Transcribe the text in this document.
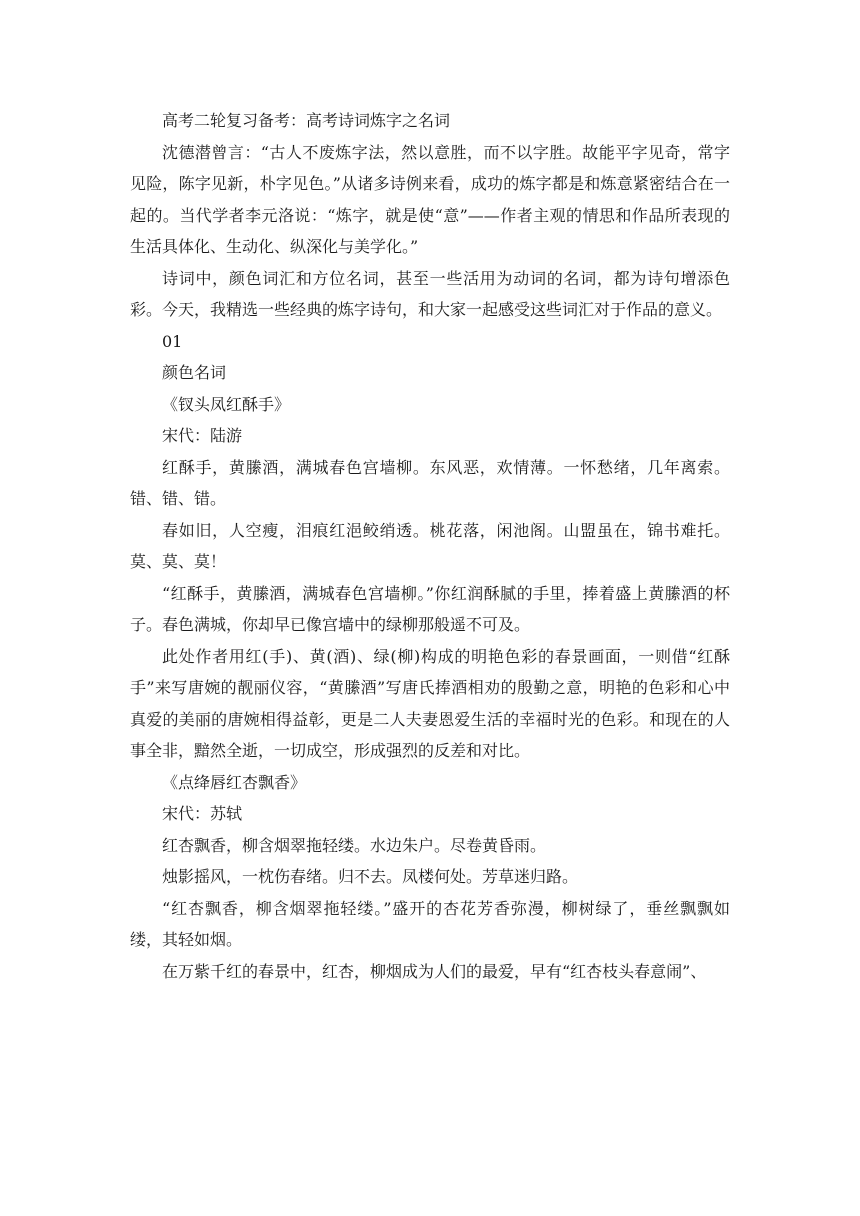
高考二轮复习备考：高考诗词炼字之名词

沈德潜曾言：“古人不废炼字法，然以意胜，而不以字胜。故能平字见奇，常字见险，陈字见新，朴字见色。”从诸多诗例来看，成功的炼字都是和炼意紧密结合在一起的。当代学者李元洛说：“炼字，就是使“意”——作者主观的情思和作品所表现的生活具体化、生动化、纵深化与美学化。”

诗词中，颜色词汇和方位名词，甚至一些活用为动词的名词，都为诗句增添色彩。今天，我精选一些经典的炼字诗句，和大家一起感受这些词汇对于作品的意义。

01

颜色名词

《钗头凤红酥手》

宋代：陆游

红酥手，黄縢酒，满城春色宫墙柳。东风恶，欢情薄。一怀愁绪，几年离索。错、错、错。

春如旧，人空瘦，泪痕红浥鲛绡透。桃花落，闲池阁。山盟虽在，锦书难托。莫、莫、莫！

“红酥手，黄縢酒，满城春色宫墙柳。”你红润酥腻的手里，捧着盛上黄縢酒的杯子。春色满城，你却早已像宫墙中的绿柳那般遥不可及。

此处作者用红(手)、黄(酒)、绿(柳)构成的明艳色彩的春景画面，一则借“红酥手”来写唐婉的靓丽仪容，“黄縢酒”写唐氏捧酒相劝的殷勤之意，明艳的色彩和心中真爱的美丽的唐婉相得益彰，更是二人夫妻恩爱生活的幸福时光的色彩。和现在的人事全非，黯然全逝，一切成空，形成强烈的反差和对比。

《点绛唇红杏飘香》

宋代：苏轼

红杏飘香，柳含烟翠拖轻缕。水边朱户。尽卷黄昏雨。

烛影摇风，一枕伤春绪。归不去。凤楼何处。芳草迷归路。

“红杏飘香，柳含烟翠拖轻缕。”盛开的杏花芳香弥漫，柳树绿了，垂丝飘飘如缕，其轻如烟。

在万紫千红的春景中，红杏，柳烟成为人们的最爱，早有“红杏枝头春意闹”、
